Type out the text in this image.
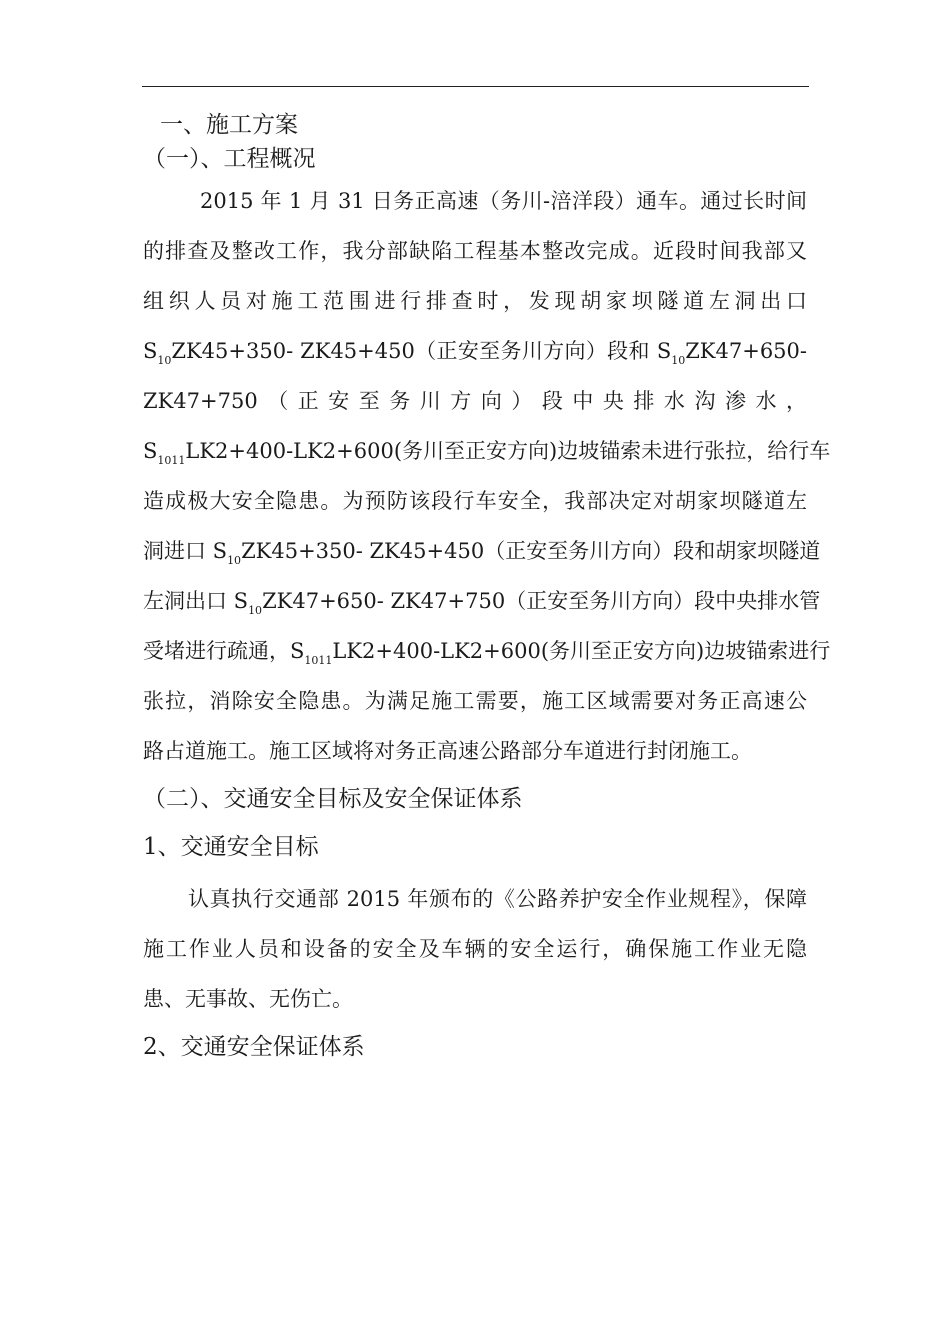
一、施工方案
（一）、工程概况
2015 年 1 月 31 日务正高速（务川-涪洋段）通车。通过长时间
的排查及整改工作，我分部缺陷工程基本整改完成。近段时间我部又
组织人员对施工范围进行排查时，发现胡家坝隧道左洞出口
$S_{10}ZK45+350-$ ZK45+450（正安至务川方向）段和 $S_{10}ZK47+650-$
ZK47+750（正安至务川方向）段中央排水沟渗水，
$S_{1011}LK2+400-LK2+600$(务川至正安方向)边坡锚索未进行张拉，给行车
造成极大安全隐患。为预防该段行车安全，我部决定对胡家坝隧道左
洞进口 $S_{10}ZK45+350-$ ZK45+450（正安至务川方向）段和胡家坝隧道
左洞出口 $S_{10}ZK47+650-$ ZK47+750（正安至务川方向）段中央排水管
受堵进行疏通，$S_{1011}LK2+400-LK2+600$(务川至正安方向)边坡锚索进行
张拉，消除安全隐患。为满足施工需要，施工区域需要对务正高速公
路占道施工。施工区域将对务正高速公路部分车道进行封闭施工。
（二）、交通安全目标及安全保证体系
1、交通安全目标
认真执行交通部 2015 年颁布的《公路养护安全作业规程》，保障
施工作业人员和设备的安全及车辆的安全运行，确保施工作业无隐
患、无事故、无伤亡。
2、交通安全保证体系
